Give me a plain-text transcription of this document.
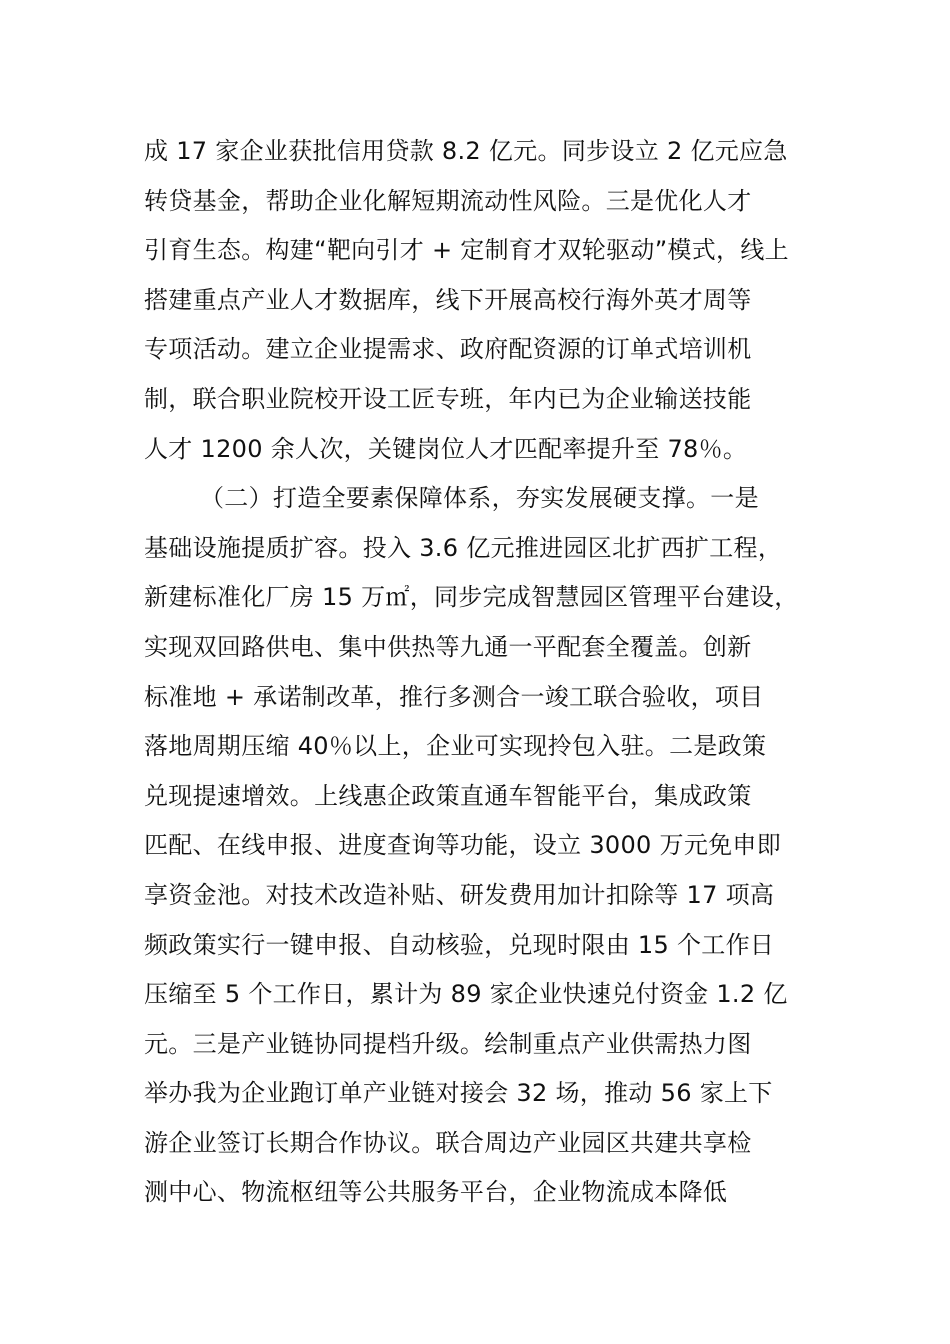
成 17 家企业获批信用贷款 8.2 亿元。同步设立 2 亿元应急
转贷基金，帮助企业化解短期流动性风险。三是优化人才
引育生态。构建“靶向引才 + 定制育才双轮驱动”模式，线上
搭建重点产业人才数据库，线下开展高校行海外英才周等
专项活动。建立企业提需求、政府配资源的订单式培训机
制，联合职业院校开设工匠专班，年内已为企业输送技能
人才 1200 余人次，关键岗位人才匹配率提升至 78％。
（二）打造全要素保障体系，夯实发展硬支撑。一是
基础设施提质扩容。投入 3.6 亿元推进园区北扩西扩工程，
新建标准化厂房 15 万㎡，同步完成智慧园区管理平台建设，
实现双回路供电、集中供热等九通一平配套全覆盖。创新
标准地 + 承诺制改革，推行多测合一竣工联合验收，项目
落地周期压缩 40％以上，企业可实现拎包入驻。二是政策
兑现提速增效。上线惠企政策直通车智能平台，集成政策
匹配、在线申报、进度查询等功能，设立 3000 万元免申即
享资金池。对技术改造补贴、研发费用加计扣除等 17 项高
频政策实行一键申报、自动核验，兑现时限由 15 个工作日
压缩至 5 个工作日，累计为 89 家企业快速兑付资金 1.2 亿
元。三是产业链协同提档升级。绘制重点产业供需热力图
举办我为企业跑订单产业链对接会 32 场，推动 56 家上下
游企业签订长期合作协议。联合周边产业园区共建共享检
测中心、物流枢纽等公共服务平台，企业物流成本降低
